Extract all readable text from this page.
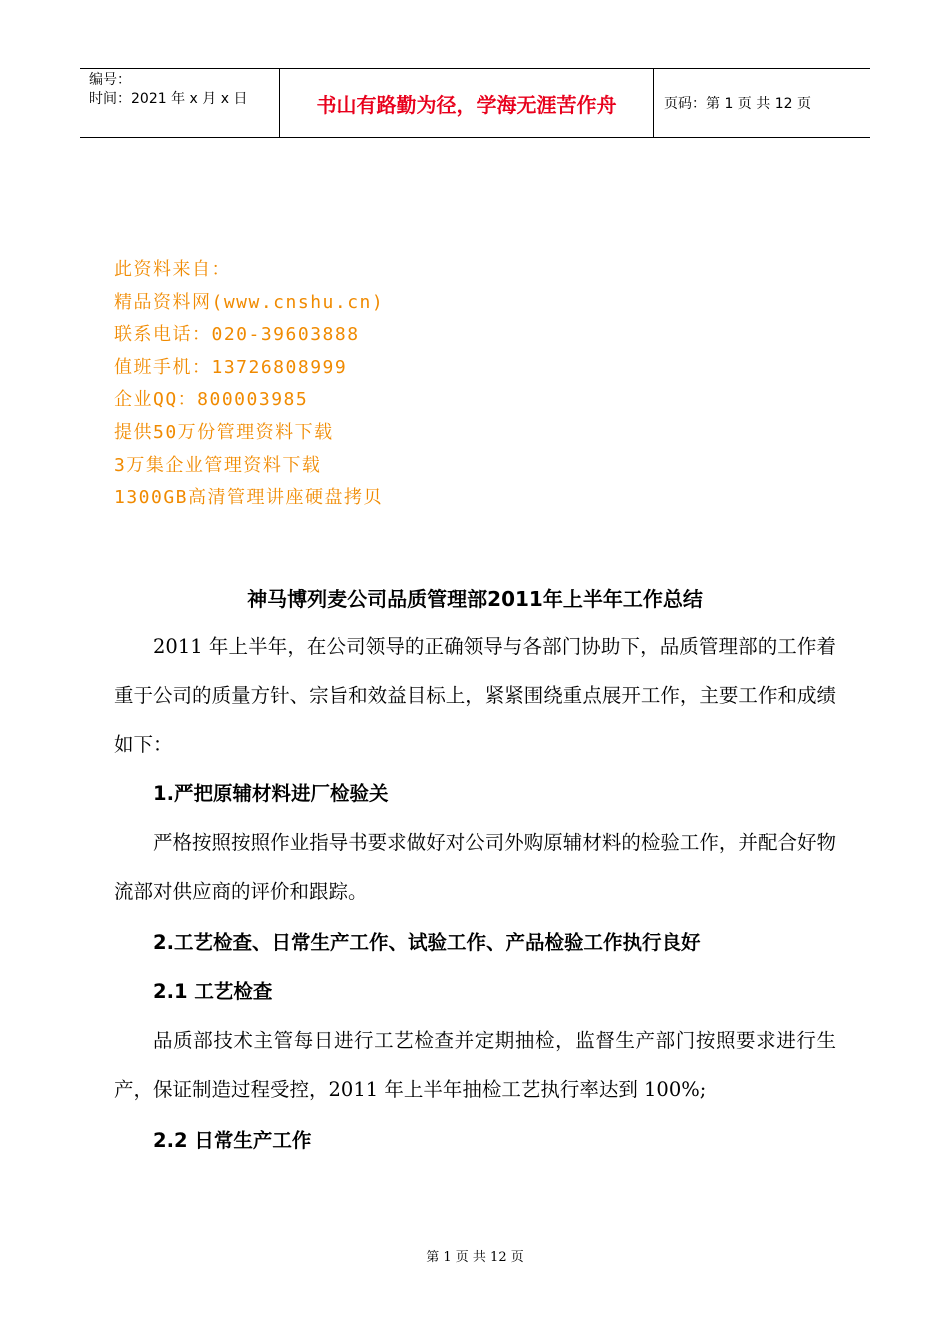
编号：
时间：2021 年 x 月 x 日	书山有路勤为径，学海无涯苦作舟	页码：第 1 页 共 12 页
此资料来自：
精品资料网(www.cnshu.cn)
联系电话：020-39603888
值班手机：13726808999
企业QQ：800003985
提供50万份管理资料下载
3万集企业管理资料下载
1300GB高清管理讲座硬盘拷贝
神马博列麦公司品质管理部2011年上半年工作总结

2011 年上半年，在公司领导的正确领导与各部门协助下，品质管理部的工作着重于公司的质量方针、宗旨和效益目标上，紧紧围绕重点展开工作，主要工作和成绩如下：

1.严把原辅材料进厂检验关

严格按照按照作业指导书要求做好对公司外购原辅材料的检验工作，并配合好物流部对供应商的评价和跟踪。

2.工艺检查、日常生产工作、试验工作、产品检验工作执行良好
2.1 工艺检查

品质部技术主管每日进行工艺检查并定期抽检，监督生产部门按照要求进行生产，保证制造过程受控，2011 年上半年抽检工艺执行率达到 100%;

2.2 日常生产工作
第 1 页 共 12 页
